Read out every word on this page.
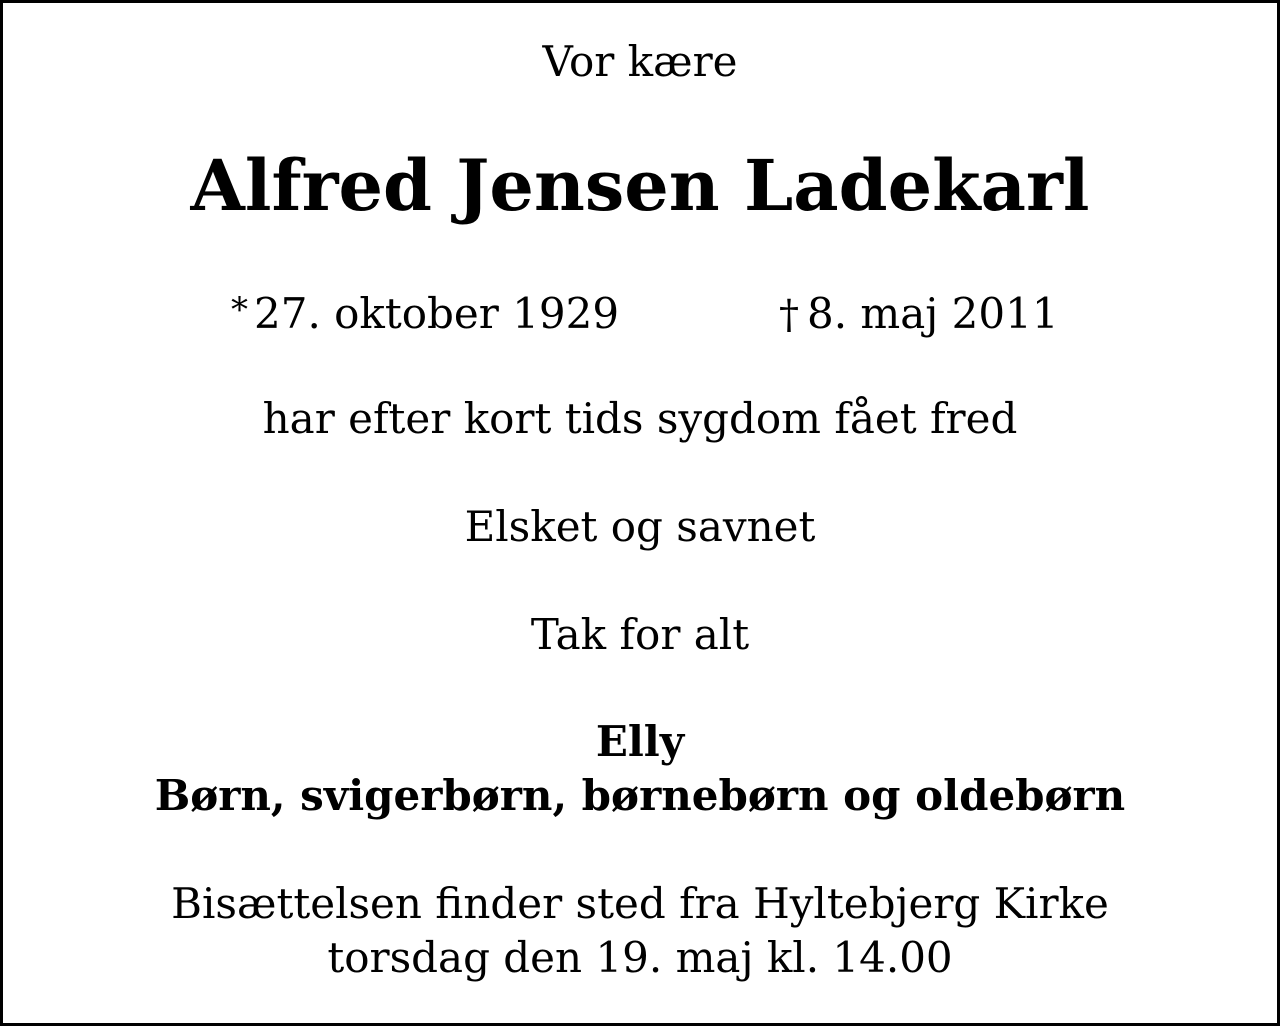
Vor kære
Alfred Jensen Ladekarl
* 27. oktober 1929	† 8. maj 2011
har efter kort tids sygdom fået fred
Elsket og savnet
Tak for alt
Elly
Børn, svigerbørn, børnebørn og oldebørn
Bisættelsen finder sted fra Hyltebjerg Kirke
torsdag den 19. maj kl. 14.00
